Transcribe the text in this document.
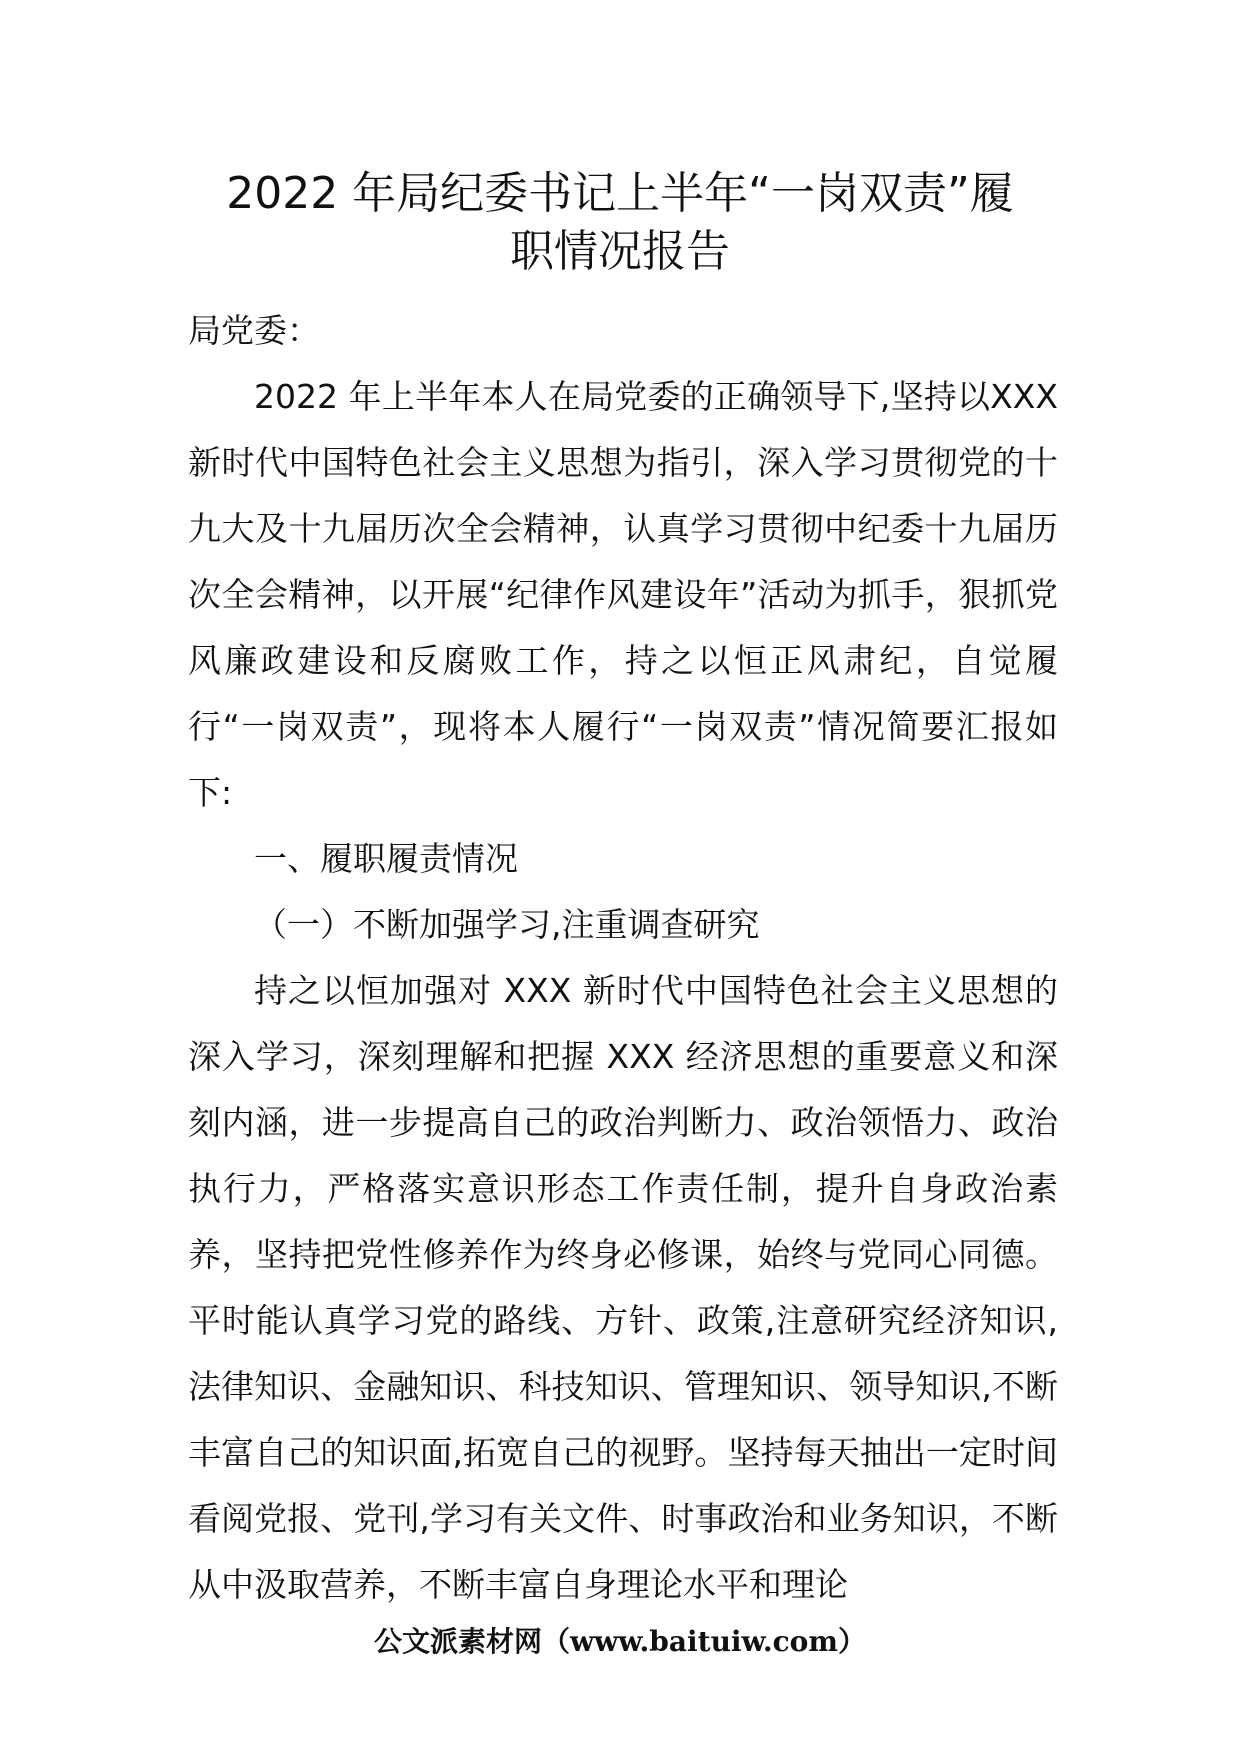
2022 年局纪委书记上半年“一岗双责”履
职情况报告

局党委：

2022 年上半年本人在局党委的正确领导下,坚持以XXX 新时代中国特色社会主义思想为指引，深入学习贯彻党的十九大及十九届历次全会精神，认真学习贯彻中纪委十九届历次全会精神，以开展“纪律作风建设年”活动为抓手，狠抓党风廉政建设和反腐败工作，持之以恒正风肃纪，自觉履行“一岗双责”，现将本人履行“一岗双责”情况简要汇报如下:

一、履职履责情况

（一）不断加强学习,注重调查研究

持之以恒加强对 XXX 新时代中国特色社会主义思想的深入学习，深刻理解和把握 XXX 经济思想的重要意义和深刻内涵，进一步提高自己的政治判断力、政治领悟力、政治执行力，严格落实意识形态工作责任制，提升自身政治素养，坚持把党性修养作为终身必修课，始终与党同心同德。平时能认真学习党的路线、方针、政策,注意研究经济知识,法律知识、金融知识、科技知识、管理知识、领导知识,不断丰富自己的知识面,拓宽自己的视野。坚持每天抽出一定时间看阅党报、党刊,学习有关文件、时事政治和业务知识，不断从中汲取营养，不断丰富自身理论水平和理论

公文派素材网（www.baituiw.com）
